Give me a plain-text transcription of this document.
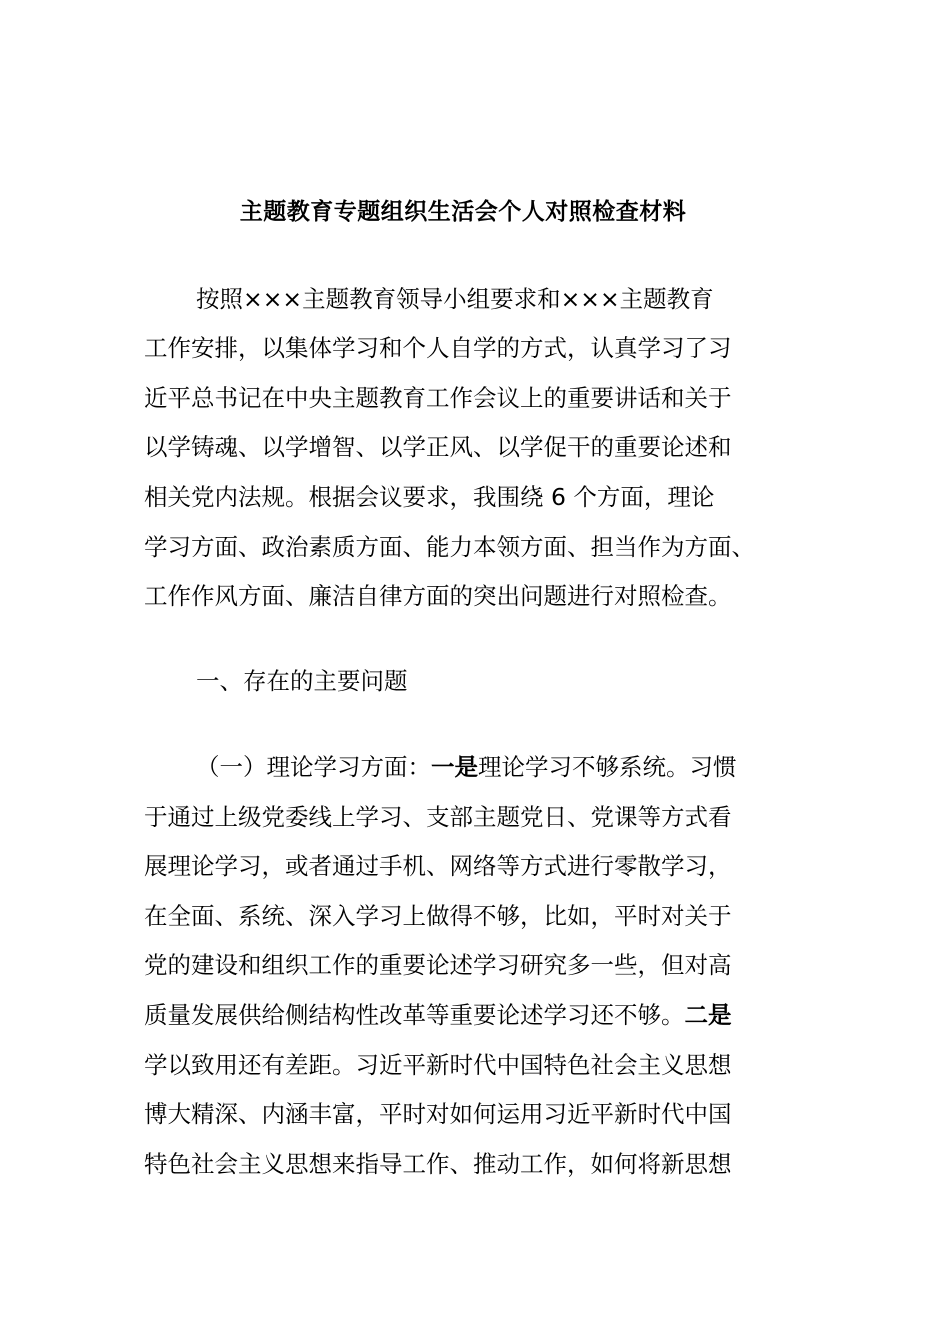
主题教育专题组织生活会个人对照检查材料
按照×××主题教育领导小组要求和×××主题教育
工作安排，以集体学习和个人自学的方式，认真学习了习
近平总书记在中央主题教育工作会议上的重要讲话和关于
以学铸魂、以学增智、以学正风、以学促干的重要论述和
相关党内法规。根据会议要求，我围绕 6 个方面，理论
学习方面、政治素质方面、能力本领方面、担当作为方面、
工作作风方面、廉洁自律方面的突出问题进行对照检查。
一、存在的主要问题
（一）理论学习方面：一是理论学习不够系统。习惯
于通过上级党委线上学习、支部主题党日、党课等方式看
展理论学习，或者通过手机、网络等方式进行零散学习，
在全面、系统、深入学习上做得不够，比如，平时对关于
党的建设和组织工作的重要论述学习研究多一些，但对高
质量发展供给侧结构性改革等重要论述学习还不够。二是
学以致用还有差距。习近平新时代中国特色社会主义思想
博大精深、内涵丰富，平时对如何运用习近平新时代中国
特色社会主义思想来指导工作、推动工作，如何将新思想
